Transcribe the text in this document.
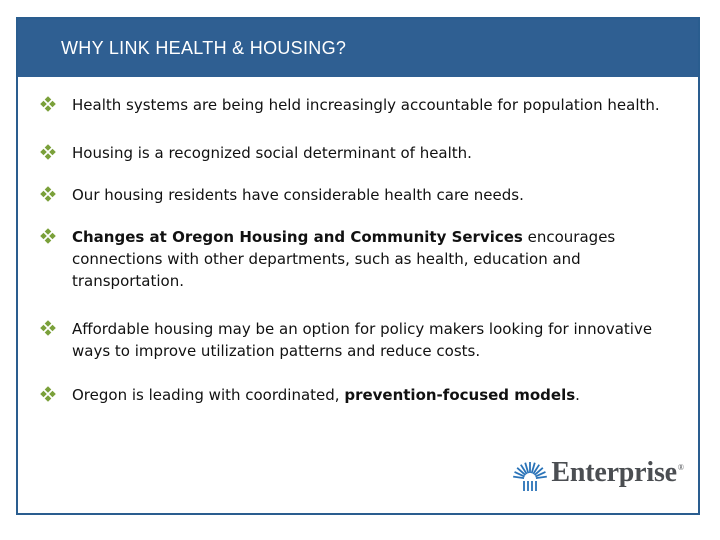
WHY LINK HEALTH & HOUSING?
Health systems are being held increasingly accountable for population health.
Housing is a recognized social determinant of health.
Our housing residents have considerable health care needs.
Changes at Oregon Housing and Community Services encourages connections with other departments, such as health, education and transportation.
Affordable housing may be an option for policy makers looking for innovative ways to improve utilization patterns and reduce costs.
Oregon is leading with coordinated, prevention-focused models.
Enterprise ®
